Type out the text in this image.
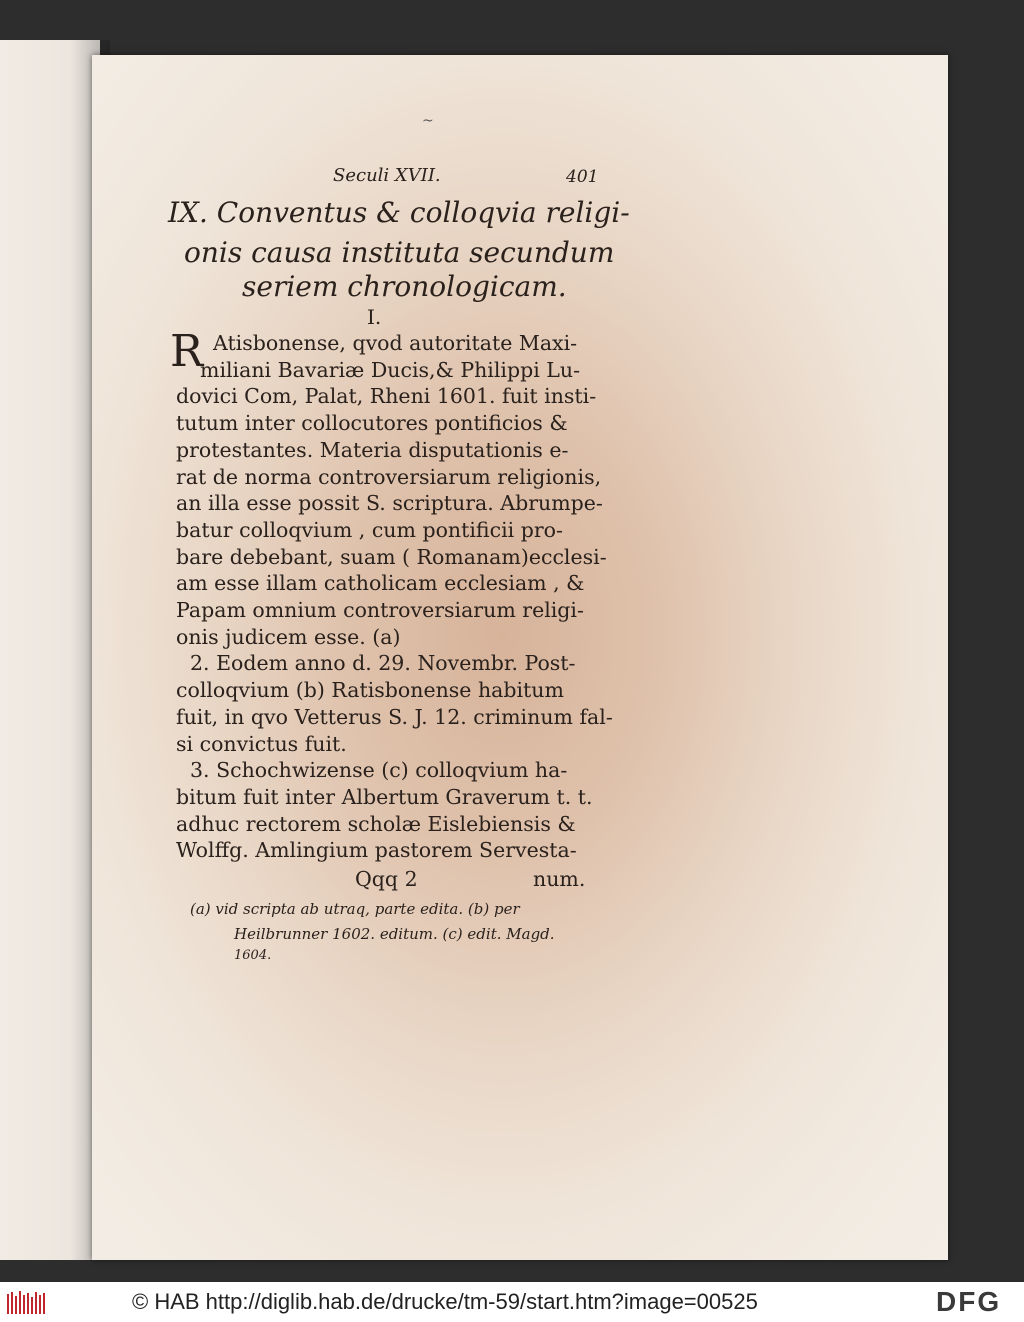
~
Seculi XVII.	401
IX. Conventus & colloqvia religi-
onis causa instituta secundum
seriem chronologicam.
I.
R Atisbonense, qvod autoritate Maxi-
miliani Bavariæ Ducis,& Philippi Lu-
dovici Com, Palat, Rheni 1601. fuit insti-
tutum inter collocutores pontificios &
protestantes. Materia disputationis e-
rat de norma controversiarum religionis,
an illa esse possit S. scriptura. Abrumpe-
batur colloqvium , cum pontificii pro-
bare debebant, suam ( Romanam)ecclesi-
am esse illam catholicam ecclesiam , &
Papam omnium controversiarum religi-
onis judicem esse. (a)
2. Eodem anno d. 29. Novembr. Post-
colloqvium (b) Ratisbonense habitum
fuit, in qvo Vetterus S. J. 12. criminum fal-
si convictus fuit.
3. Schochwizense (c) colloqvium ha-
bitum fuit inter Albertum Graverum t. t.
adhuc rectorem scholæ Eislebiensis &
Wolffg. Amlingium pastorem Servesta-
Qqq 2	num.
(a) vid scripta ab utraq, parte edita. (b) per
Heilbrunner 1602. editum. (c) edit. Magd.
1604.
© HAB http://diglib.hab.de/drucke/tm-59/start.htm?image=00525	DFG
